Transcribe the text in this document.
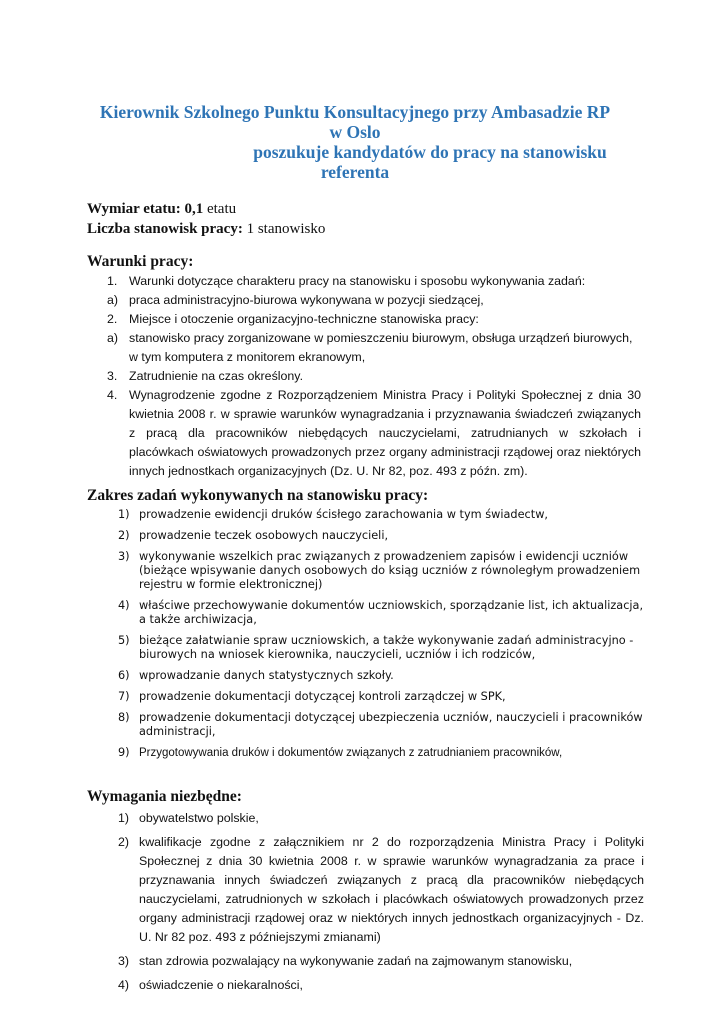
Kierownik Szkolnego Punktu Konsultacyjnego przy Ambasadzie RP
w Oslo
poszukuje kandydatów do pracy na stanowisku
referenta
Wymiar etatu: 0,1 etatu
Liczba stanowisk pracy: 1 stanowisko
Warunki pracy:
1. Warunki dotyczące charakteru pracy na stanowisku i sposobu wykonywania zadań:
a) praca administracyjno-biurowa wykonywana w pozycji siedzącej,
2. Miejsce i otoczenie organizacyjno-techniczne stanowiska pracy:
a) stanowisko pracy zorganizowane w pomieszczeniu biurowym, obsługa urządzeń biurowych, w tym komputera z monitorem ekranowym,
3. Zatrudnienie na czas określony.
4. Wynagrodzenie zgodne z Rozporządzeniem Ministra Pracy i Polityki Społecznej z dnia 30 kwietnia 2008 r. w sprawie warunków wynagradzania i przyznawania świadczeń związanych z pracą dla pracowników niebędących nauczycielami, zatrudnianych w szkołach i placówkach oświatowych prowadzonych przez organy administracji rządowej oraz niektórych innych jednostkach organizacyjnych (Dz. U. Nr 82, poz. 493 z późn. zm).
Zakres zadań wykonywanych na stanowisku pracy:
1) prowadzenie ewidencji druków ścisłego zarachowania w tym świadectw,
2) prowadzenie teczek osobowych nauczycieli,
3) wykonywanie wszelkich prac związanych z prowadzeniem zapisów i ewidencji uczniów (bieżące wpisywanie danych osobowych do ksiąg uczniów z równoległym prowadzeniem rejestru w formie elektronicznej)
4) właściwe przechowywanie dokumentów uczniowskich, sporządzanie list, ich aktualizacja, a także archiwizacja,
5) bieżące załatwianie spraw uczniowskich, a także wykonywanie zadań administracyjno - biurowych na wniosek kierownika, nauczycieli, uczniów i ich rodziców,
6) wprowadzanie danych statystycznych szkoły.
7) prowadzenie dokumentacji dotyczącej kontroli zarządczej w SPK,
8) prowadzenie dokumentacji dotyczącej ubezpieczenia uczniów, nauczycieli i pracowników administracji,
9) Przygotowywania druków i dokumentów związanych z zatrudnianiem pracowników,
Wymagania niezbędne:
1) obywatelstwo polskie,
2) kwalifikacje zgodne z załącznikiem nr 2 do rozporządzenia Ministra Pracy i Polityki Społecznej z dnia 30 kwietnia 2008 r. w sprawie warunków wynagradzania za prace i przyznawania innych świadczeń związanych z pracą dla pracowników niebędących nauczycielami, zatrudnionych w szkołach i placówkach oświatowych prowadzonych przez organy administracji rządowej oraz w niektórych innych jednostkach organizacyjnych - Dz. U. Nr 82 poz. 493 z późniejszymi zmianami)
3) stan zdrowia pozwalający na wykonywanie zadań na zajmowanym stanowisku,
4) oświadczenie o niekaralności,
